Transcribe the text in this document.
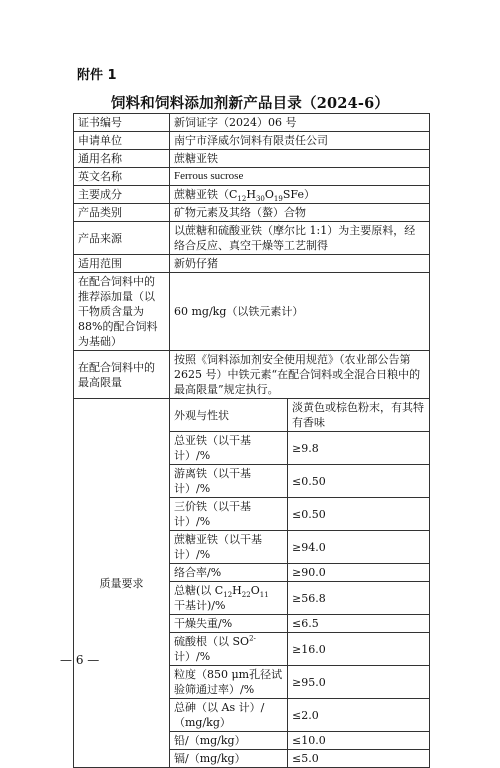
附件 1
饲料和饲料添加剂新产品目录（2024-6）
证书编号	新饲证字（2024）06 号	
申请单位	南宁市泽威尔饲料有限责任公司	
通用名称	蔗糖亚铁	
英文名称	Ferrous sucrose	
主要成分	蔗糖亚铁$(C_{12}H_{30}O_{19}SFe)$	
产品类别	矿物元素及其络（螯）合物	
产品来源	以蔗糖和硫酸亚铁（摩尔比 1:1）为主要原料，经络合反应、真空干燥等工艺制得	
适用范围	新奶仔猪	
在配合饲料中的推荐添加量（以干物质含量为 88%的配合饲料为基础）	60 mg/kg（以铁元素计）	
在配合饲料中的最高限量	按照《饲料添加剂安全使用规范》（农业部公告第 2625 号）中铁元素“在配合饲料或全混合日粮中的最高限量”规定执行。	
质量要求	外观与性状	淡黄色或棕色粉末，有其特有香味
	总亚铁（以干基计）/%	≥9.8
	游离铁（以干基计）/%	≤0.50
	三价铁（以干基计）/%	≤0.50
	蔗糖亚铁（以干基计）/%	≥94.0
	络合率/%	≥90.0
	总糖(以 $C_{12}H_{22}O_{11}$ 干基计)/%	≥56.8
	干燥失重/%	≤6.5
	硫酸根（以 $SO^{2-}$计）/%	≥16.0
	粒度（850 μm孔径试验筛通过率）/%	≥95.0
	总砷（以 As 计）/（mg/kg）	≤2.0
	铅/（mg/kg）	≤10.0
	镉/（mg/kg）	≤5.0
— 6 —
